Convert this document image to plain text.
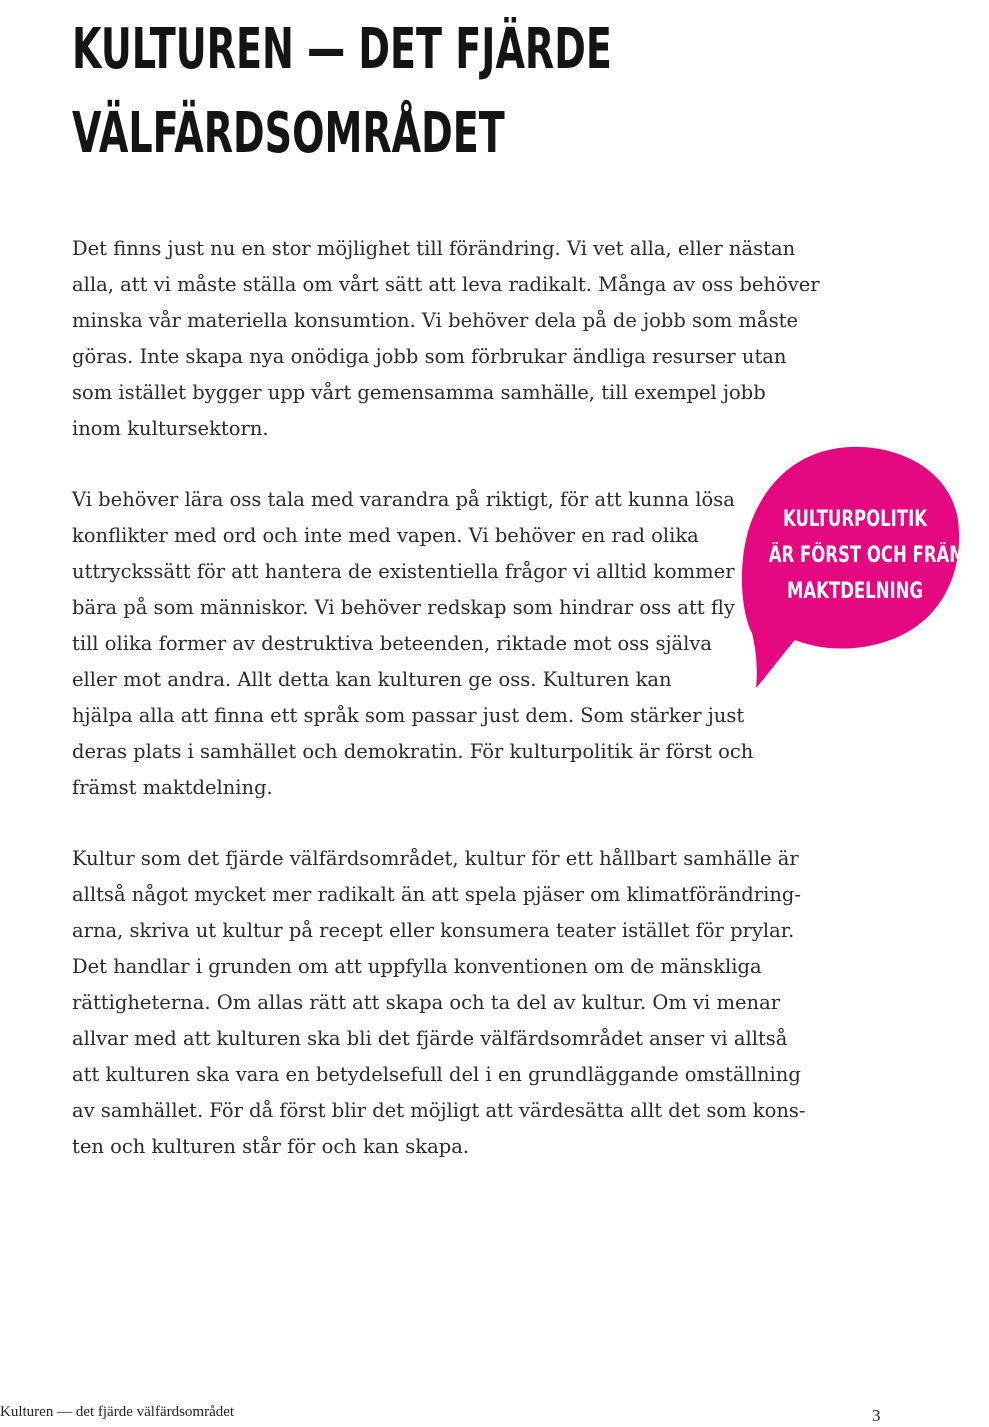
KULTUREN — DET FJÄRDE
VÄLFÄRDSOMRÅDET
Det finns just nu en stor möjlighet till förändring. Vi vet alla, eller nästan
alla, att vi måste ställa om vårt sätt att leva radikalt. Många av oss behöver
minska vår materiella konsumtion. Vi behöver dela på de jobb som måste
göras. Inte skapa nya onödiga jobb som förbrukar ändliga resurser utan
som istället bygger upp vårt gemensamma samhälle, till exempel jobb
inom kultursektorn.
Vi behöver lära oss tala med varandra på riktigt, för att kunna lösa
konflikter med ord och inte med vapen. Vi behöver en rad olika
uttryckssätt för att hantera de existentiella frågor vi alltid kommer
bära på som människor. Vi behöver redskap som hindrar oss att fly
till olika former av destruktiva beteenden, riktade mot oss själva
eller mot andra. Allt detta kan kulturen ge oss. Kulturen kan
hjälpa alla att finna ett språk som passar just dem. Som stärker just
deras plats i samhället och demokratin. För kulturpolitik är först och
främst maktdelning.
KULTURPOLITIK
ÄR FÖRST OCH FRÄMST
MAKTDELNING
Kultur som det fjärde välfärdsområdet, kultur för ett hållbart samhälle är
alltså något mycket mer radikalt än att spela pjäser om klimatförändring-
arna, skriva ut kultur på recept eller konsumera teater istället för prylar.
Det handlar i grunden om att uppfylla konventionen om de mänskliga
rättigheterna. Om allas rätt att skapa och ta del av kultur. Om vi menar
allvar med att kulturen ska bli det fjärde välfärdsområdet anser vi alltså
att kulturen ska vara en betydelsefull del i en grundläggande omställning
av samhället. För då först blir det möjligt att värdesätta allt det som kons-
ten och kulturen står för och kan skapa.
Kulturen — det fjärde välfärdsområdet	3
